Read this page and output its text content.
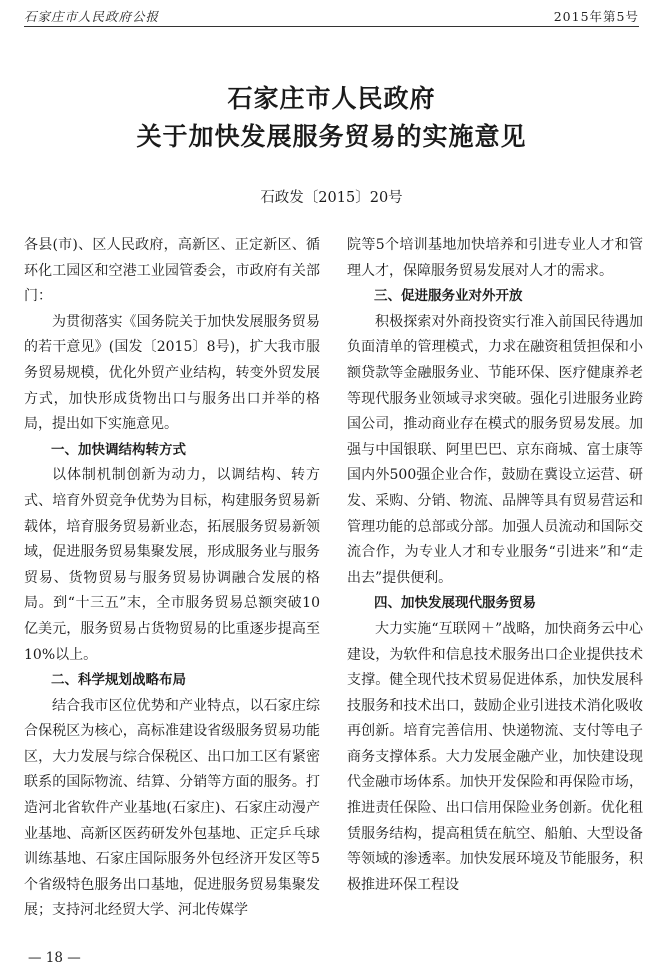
石家庄市人民政府公报	2015年第5号
石家庄市人民政府
关于加快发展服务贸易的实施意见
石政发〔2015〕20号

各县(市)、区人民政府，高新区、正定新区、循环化工园区和空港工业园管委会，市政府有关部门：

为贯彻落实《国务院关于加快发展服务贸易的若干意见》(国发〔2015〕8号)，扩大我市服务贸易规模，优化外贸产业结构，转变外贸发展方式，加快形成货物出口与服务出口并举的格局，提出如下实施意见。

一、加快调结构转方式

以体制机制创新为动力，以调结构、转方式、培育外贸竞争优势为目标，构建服务贸易新载体，培育服务贸易新业态，拓展服务贸易新领域，促进服务贸易集聚发展，形成服务业与服务贸易、货物贸易与服务贸易协调融合发展的格局。到“十三五”末，全市服务贸易总额突破10亿美元，服务贸易占货物贸易的比重逐步提高至10%以上。

二、科学规划战略布局

结合我市区位优势和产业特点，以石家庄综合保税区为核心，高标准建设省级服务贸易功能区，大力发展与综合保税区、出口加工区有紧密联系的国际物流、结算、分销等方面的服务。打造河北省软件产业基地(石家庄)、石家庄动漫产业基地、高新区医药研发外包基地、正定乒乓球训练基地、石家庄国际服务外包经济开发区等5个省级特色服务出口基地，促进服务贸易集聚发展；支持河北经贸大学、河北传媒学

院等5个培训基地加快培养和引进专业人才和管理人才，保障服务贸易发展对人才的需求。

三、促进服务业对外开放

积极探索对外商投资实行准入前国民待遇加负面清单的管理模式，力求在融资租赁担保和小额贷款等金融服务业、节能环保、医疗健康养老等现代服务业领域寻求突破。强化引进服务业跨国公司，推动商业存在模式的服务贸易发展。加强与中国银联、阿里巴巴、京东商城、富士康等国内外500强企业合作，鼓励在冀设立运营、研发、采购、分销、物流、品牌等具有贸易营运和管理功能的总部或分部。加强人员流动和国际交流合作，为专业人才和专业服务“引进来”和“走出去”提供便利。

四、加快发展现代服务贸易

大力实施“互联网＋”战略，加快商务云中心建设，为软件和信息技术服务出口企业提供技术支撑。健全现代技术贸易促进体系，加快发展科技服务和技术出口，鼓励企业引进技术消化吸收再创新。培育完善信用、快递物流、支付等电子商务支撑体系。大力发展金融产业，加快建设现代金融市场体系。加快开发保险和再保险市场，推进责任保险、出口信用保险业务创新。优化租赁服务结构，提高租赁在航空、船舶、大型设备等领域的渗透率。加快发展环境及节能服务，积极推进环保工程设

— 18 —
